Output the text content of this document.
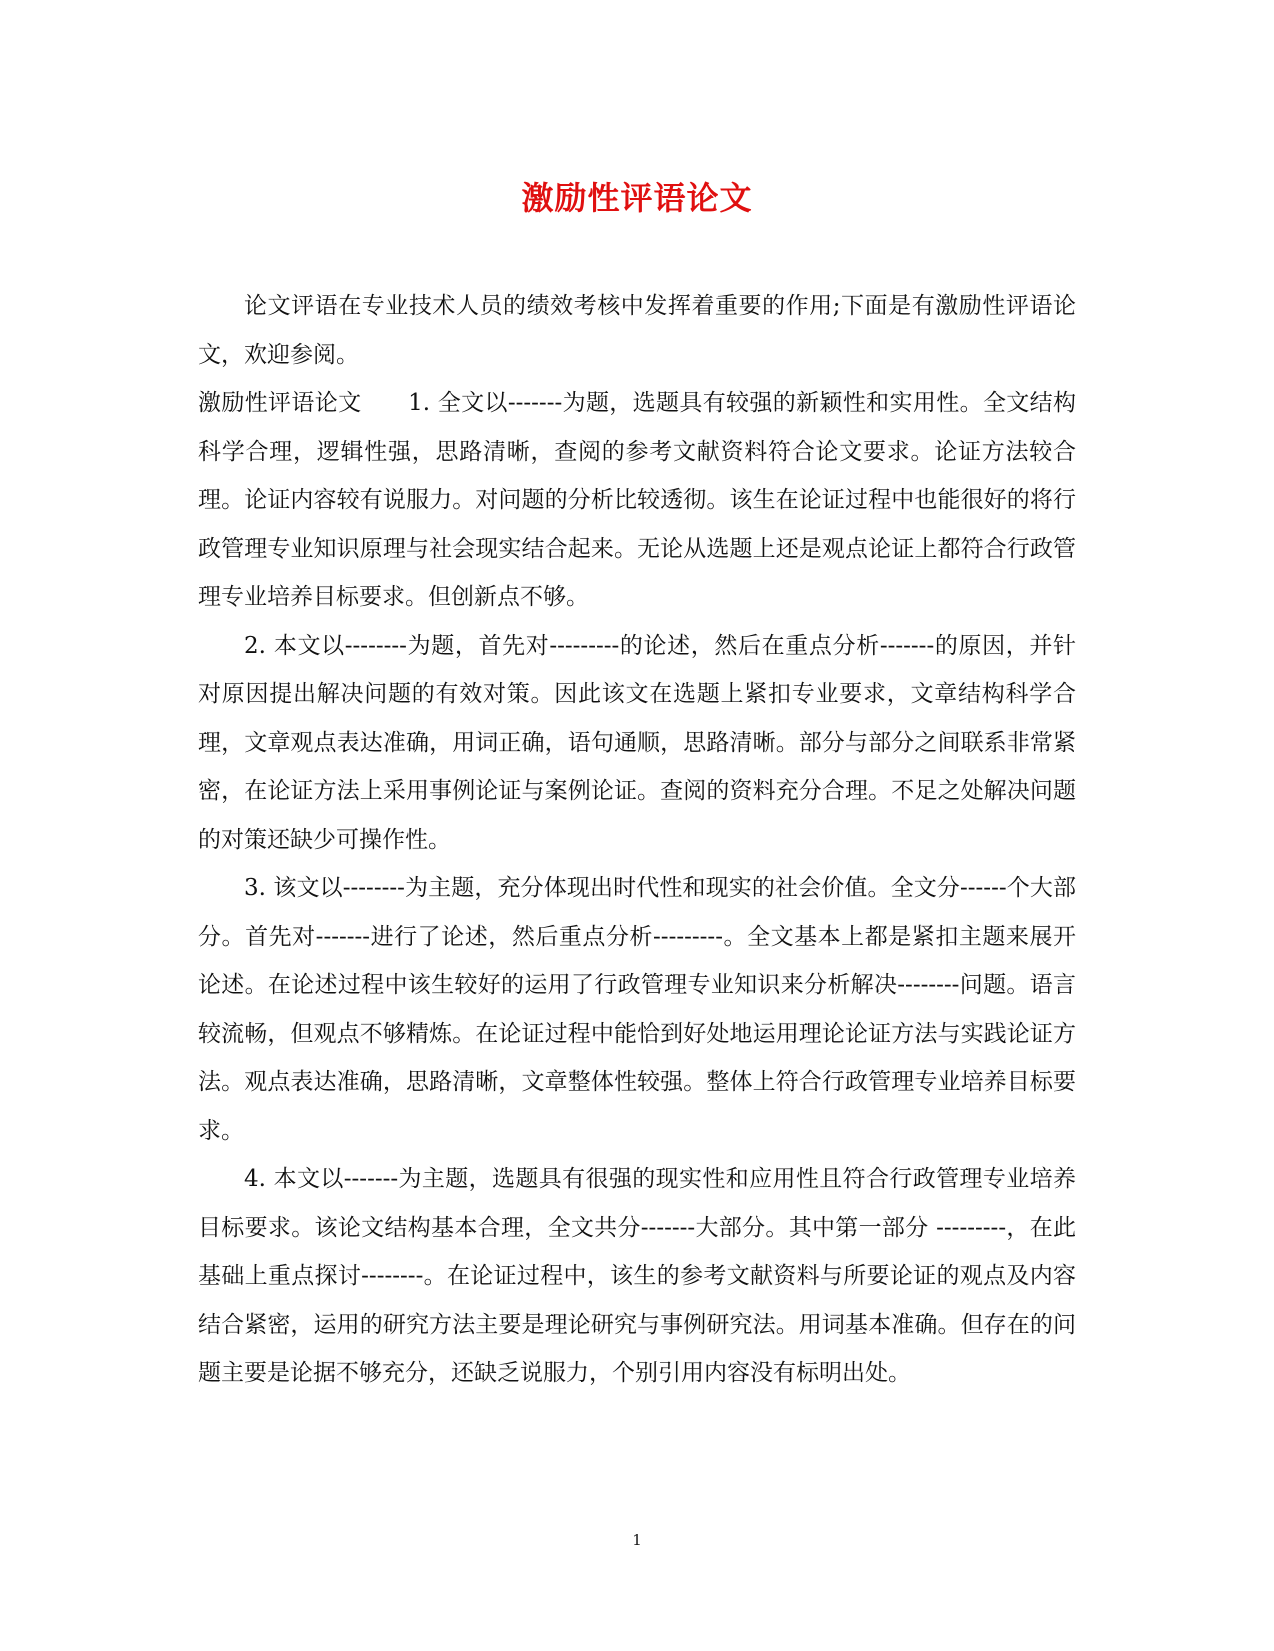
激励性评语论文

论文评语在专业技术人员的绩效考核中发挥着重要的作用;下面是有激励性评语论文，欢迎参阅。

激励性评语论文　　1. 全文以-------为题，选题具有较强的新颖性和实用性。全文结构科学合理，逻辑性强，思路清晰，查阅的参考文献资料符合论文要求。论证方法较合理。论证内容较有说服力。对问题的分析比较透彻。该生在论证过程中也能很好的将行政管理专业知识原理与社会现实结合起来。无论从选题上还是观点论证上都符合行政管理专业培养目标要求。但创新点不够。

2. 本文以--------为题，首先对---------的论述，然后在重点分析-------的原因，并针对原因提出解决问题的有效对策。因此该文在选题上紧扣专业要求，文章结构科学合理，文章观点表达准确，用词正确，语句通顺，思路清晰。部分与部分之间联系非常紧密，在论证方法上采用事例论证与案例论证。查阅的资料充分合理。不足之处解决问题的对策还缺少可操作性。

3. 该文以--------为主题，充分体现出时代性和现实的社会价值。全文分------个大部分。首先对-------进行了论述，然后重点分析---------。全文基本上都是紧扣主题来展开论述。在论述过程中该生较好的运用了行政管理专业知识来分析解决--------问题。语言较流畅，但观点不够精炼。在论证过程中能恰到好处地运用理论论证方法与实践论证方法。观点表达准确，思路清晰，文章整体性较强。整体上符合行政管理专业培养目标要求。

4. 本文以-------为主题，选题具有很强的现实性和应用性且符合行政管理专业培养目标要求。该论文结构基本合理，全文共分-------大部分。其中第一部分 ---------，在此基础上重点探讨--------。在论证过程中，该生的参考文献资料与所要论证的观点及内容结合紧密，运用的研究方法主要是理论研究与事例研究法。用词基本准确。但存在的问题主要是论据不够充分，还缺乏说服力，个别引用内容没有标明出处。

1
